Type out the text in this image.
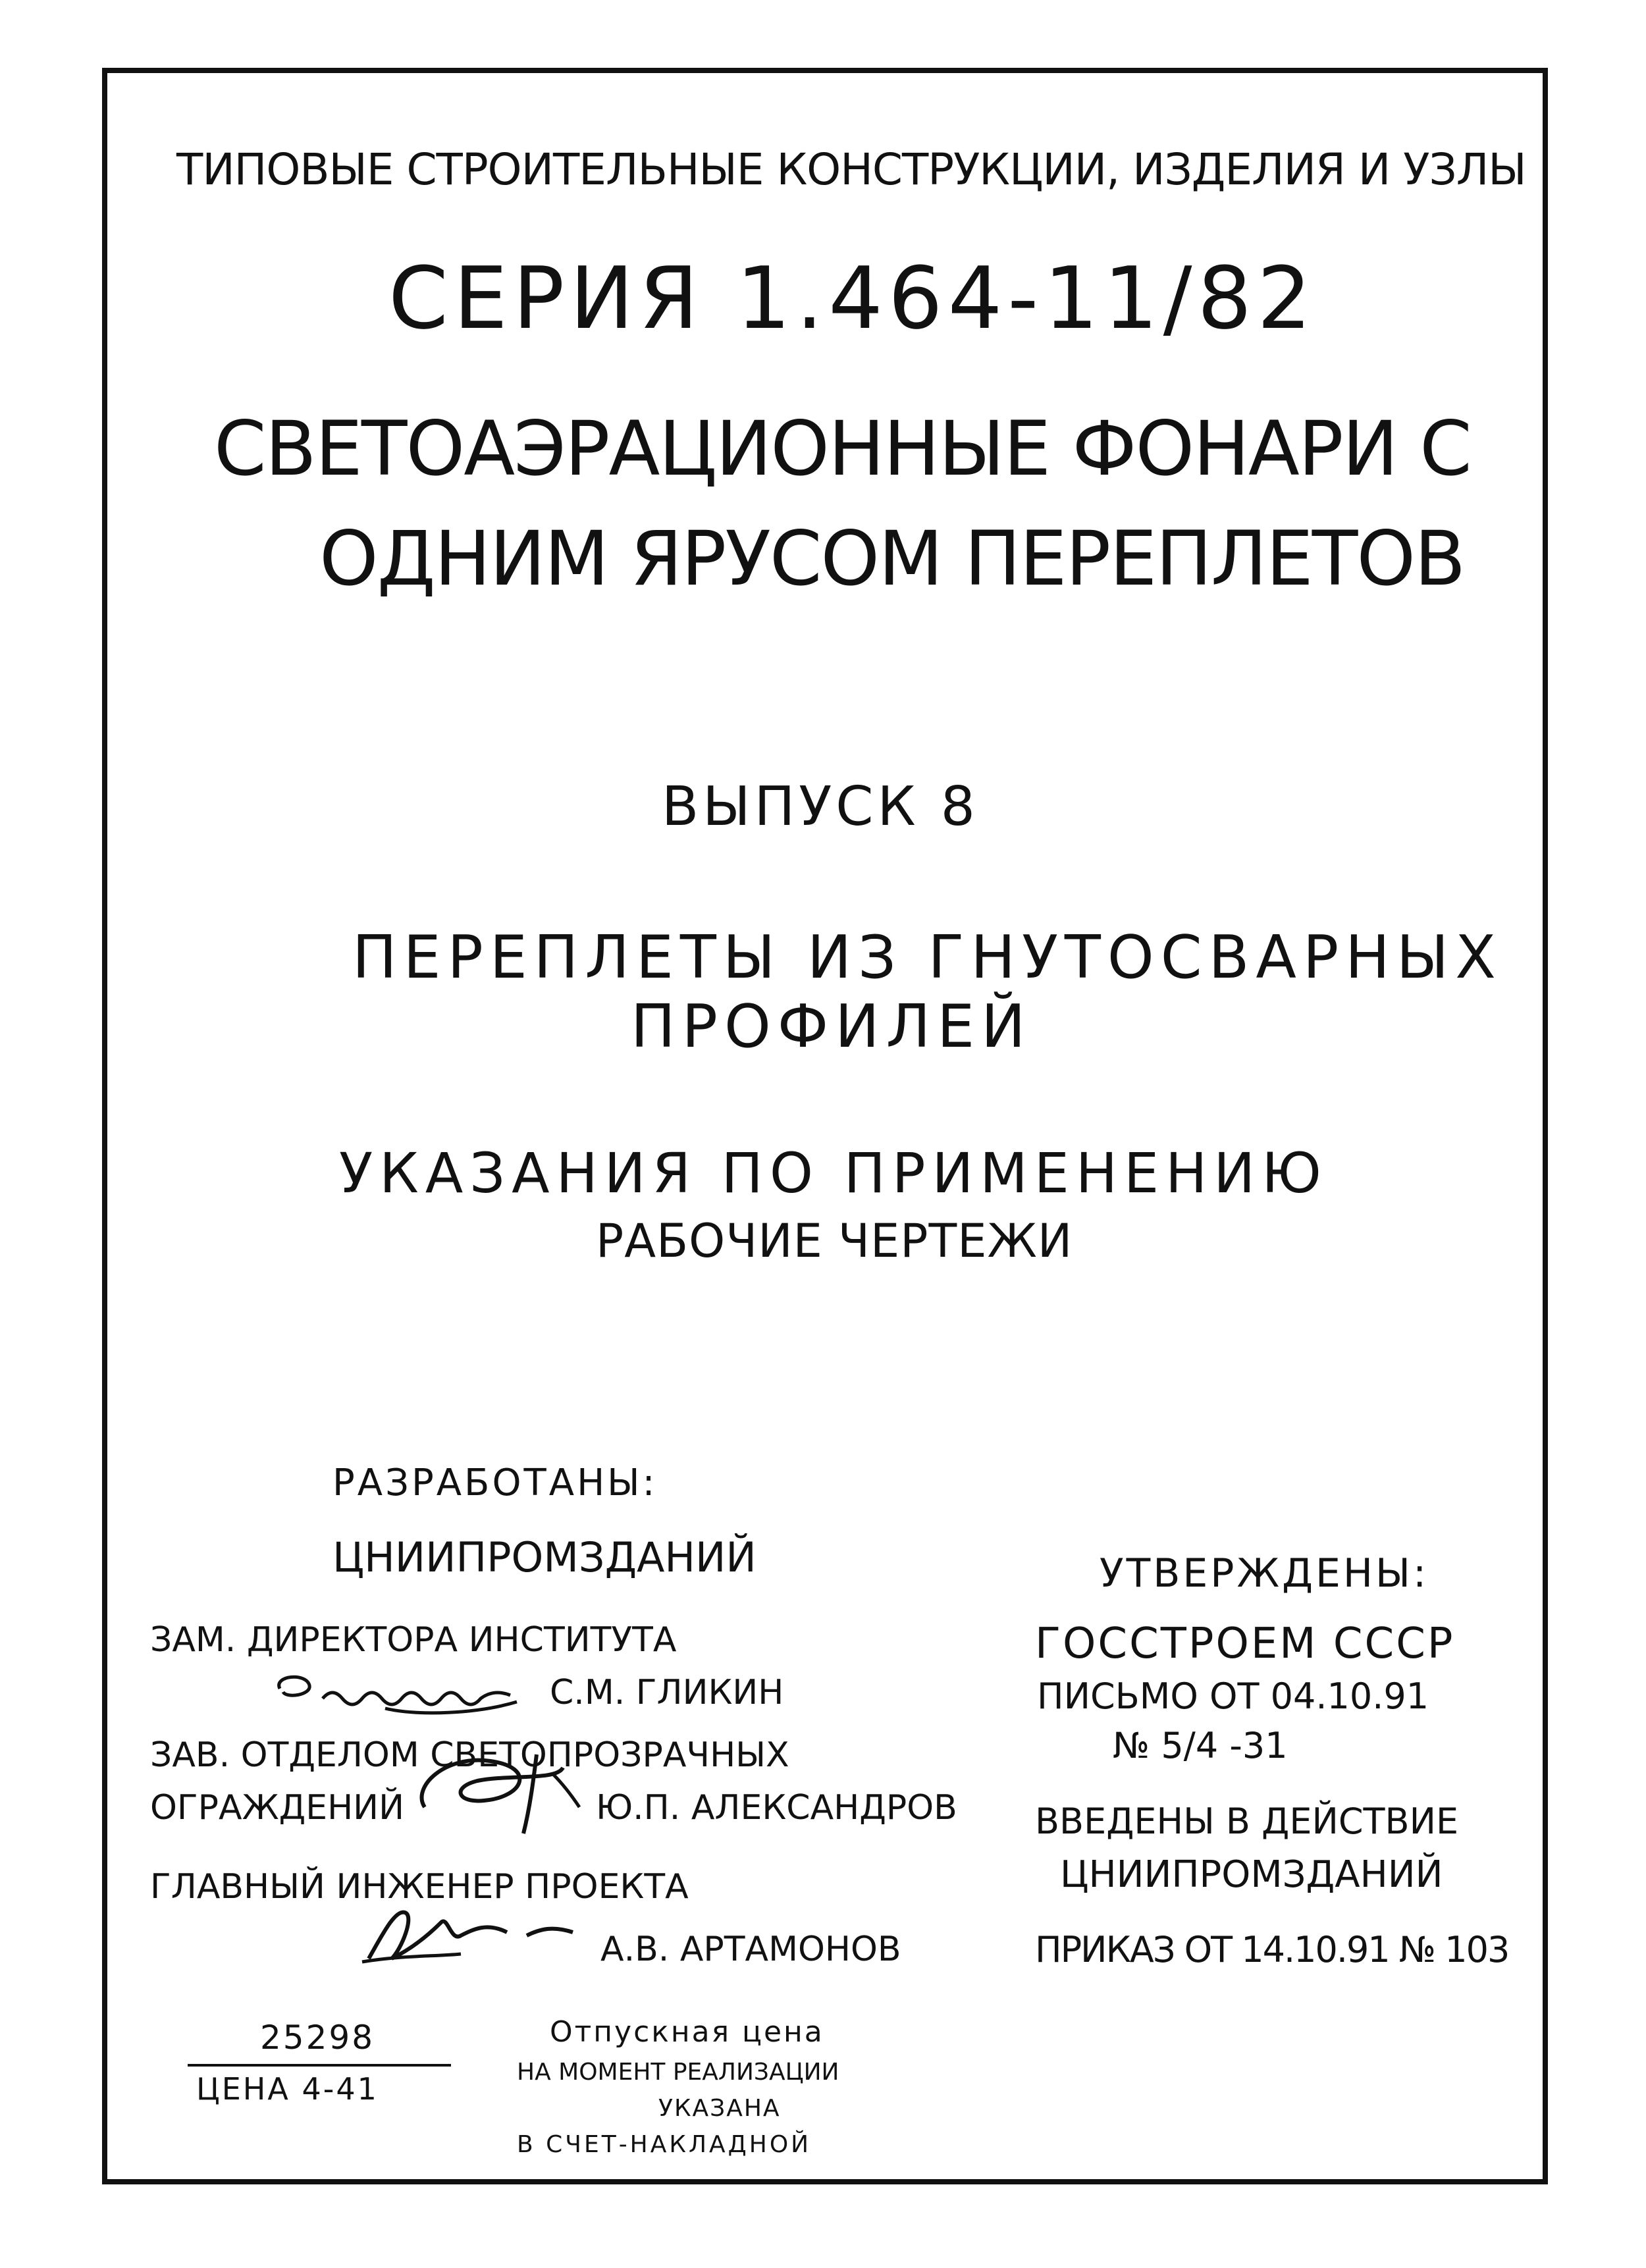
ТИПОВЫЕ СТРОИТЕЛЬНЫЕ КОНСТРУКЦИИ, ИЗДЕЛИЯ И УЗЛЫ
СЕРИЯ 1.464-11/82
СВЕТОАЭРАЦИОННЫЕ ФОНАРИ С
ОДНИМ ЯРУСОМ ПЕРЕПЛЕТОВ
ВЫПУСК 8
ПЕРЕПЛЕТЫ ИЗ ГНУТОСВАРНЫХ
ПРОФИЛЕЙ
УКАЗАНИЯ ПО ПРИМЕНЕНИЮ
РАБОЧИЕ ЧЕРТЕЖИ
РАЗРАБОТАНЫ:
ЦНИИПРОМЗДАНИЙ
ЗАМ. ДИРЕКТОРА ИНСТИТУТА
С.М. ГЛИКИН
ЗАВ. ОТДЕЛОМ СВЕТОПРОЗРАЧНЫХ
ОГРАЖДЕНИЙ	Ю.П. АЛЕКСАНДРОВ
ГЛАВНЫЙ ИНЖЕНЕР ПРОЕКТА
А.В. АРТАМОНОВ
УТВЕРЖДЕНЫ:
ГОССТРОЕМ СССР
ПИСЬМО ОТ 04.10.91
№ 5/4 -31
ВВЕДЕНЫ В ДЕЙСТВИЕ
ЦНИИПРОМЗДАНИЙ
ПРИКАЗ ОТ 14.10.91 № 103
25298
ЦЕНА 4-41
Отпускная цена
НА МОМЕНТ РЕАЛИЗАЦИИ
УКАЗАНА
В СЧЕТ-НАКЛАДНОЙ
